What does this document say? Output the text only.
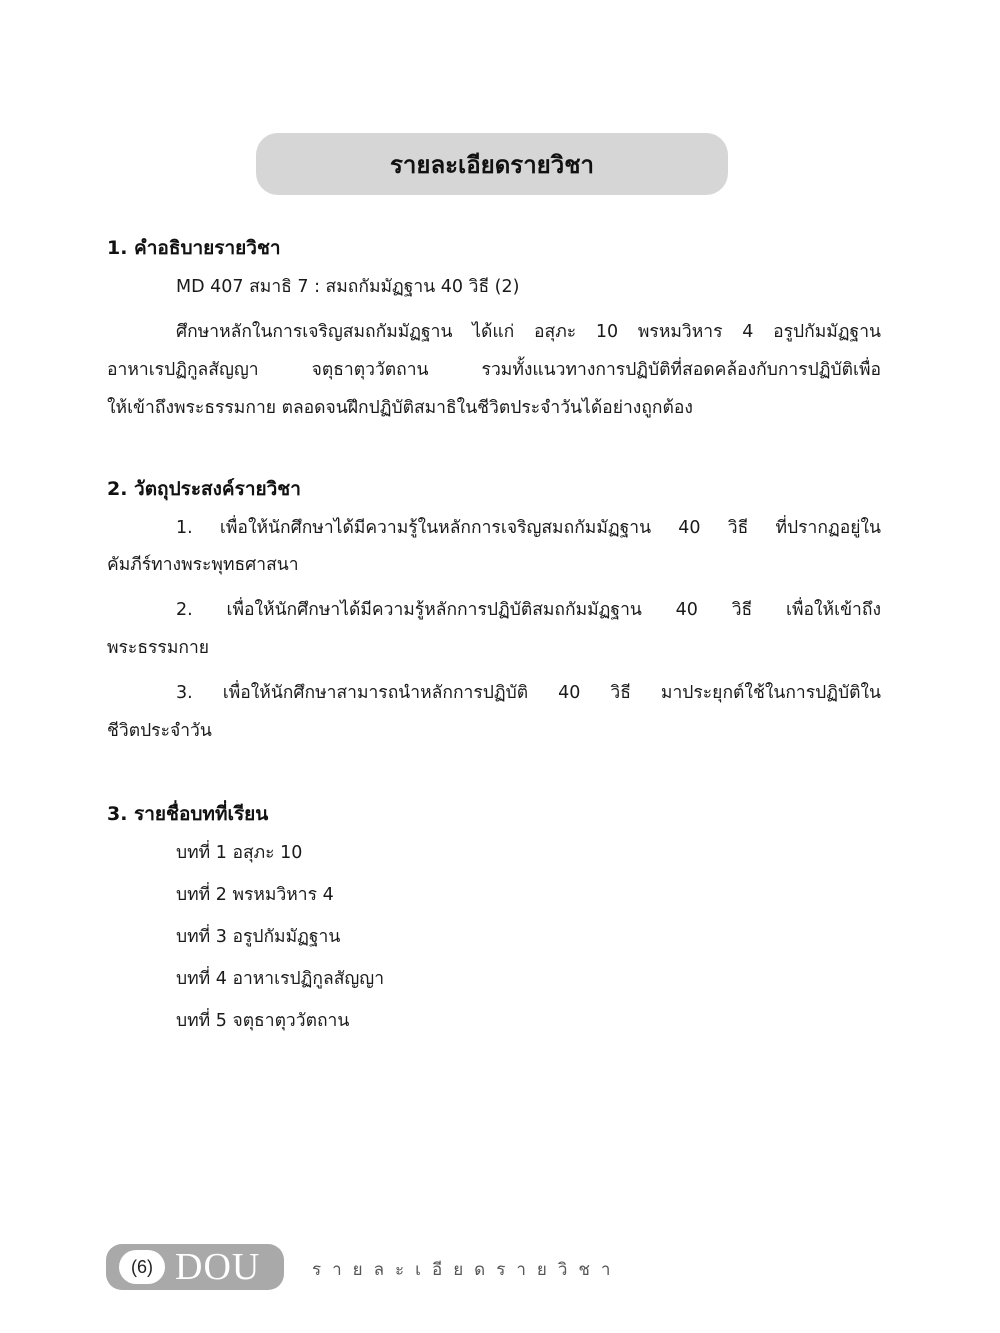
รายละเอียดรายวิชา
1. คำอธิบายรายวิชา
MD 407 สมาธิ 7 : สมถกัมมัฏฐาน 40 วิธี (2)
ศึกษาหลักในการเจริญสมถกัมมัฏฐาน ได้แก่ อสุภะ 10 พรหมวิหาร 4 อรูปกัมมัฏฐาน
อาหาเรปฏิกูลสัญญา จตุธาตุววัตถาน รวมทั้งแนวทางการปฏิบัติที่สอดคล้องกับการปฏิบัติเพื่อ
ให้เข้าถึงพระธรรมกาย ตลอดจนฝึกปฏิบัติสมาธิในชีวิตประจำวันได้อย่างถูกต้อง
2. วัตถุประสงค์รายวิชา
1. เพื่อให้นักศึกษาได้มีความรู้ในหลักการเจริญสมถกัมมัฏฐาน 40 วิธี ที่ปรากฏอยู่ใน
คัมภีร์ทางพระพุทธศาสนา
2. เพื่อให้นักศึกษาได้มีความรู้หลักการปฏิบัติสมถกัมมัฏฐาน 40 วิธี เพื่อให้เข้าถึง
พระธรรมกาย
3. เพื่อให้นักศึกษาสามารถนำหลักการปฏิบัติ 40 วิธี มาประยุกต์ใช้ในการปฏิบัติใน
ชีวิตประจำวัน
3. รายชื่อบทที่เรียน
บทที่ 1 อสุภะ 10
บทที่ 2 พรหมวิหาร 4
บทที่ 3 อรูปกัมมัฏฐาน
บทที่ 4 อาหาเรปฏิกูลสัญญา
บทที่ 5 จตุธาตุววัตถาน
(6) DOU	รายละเอียดรายวิชา
